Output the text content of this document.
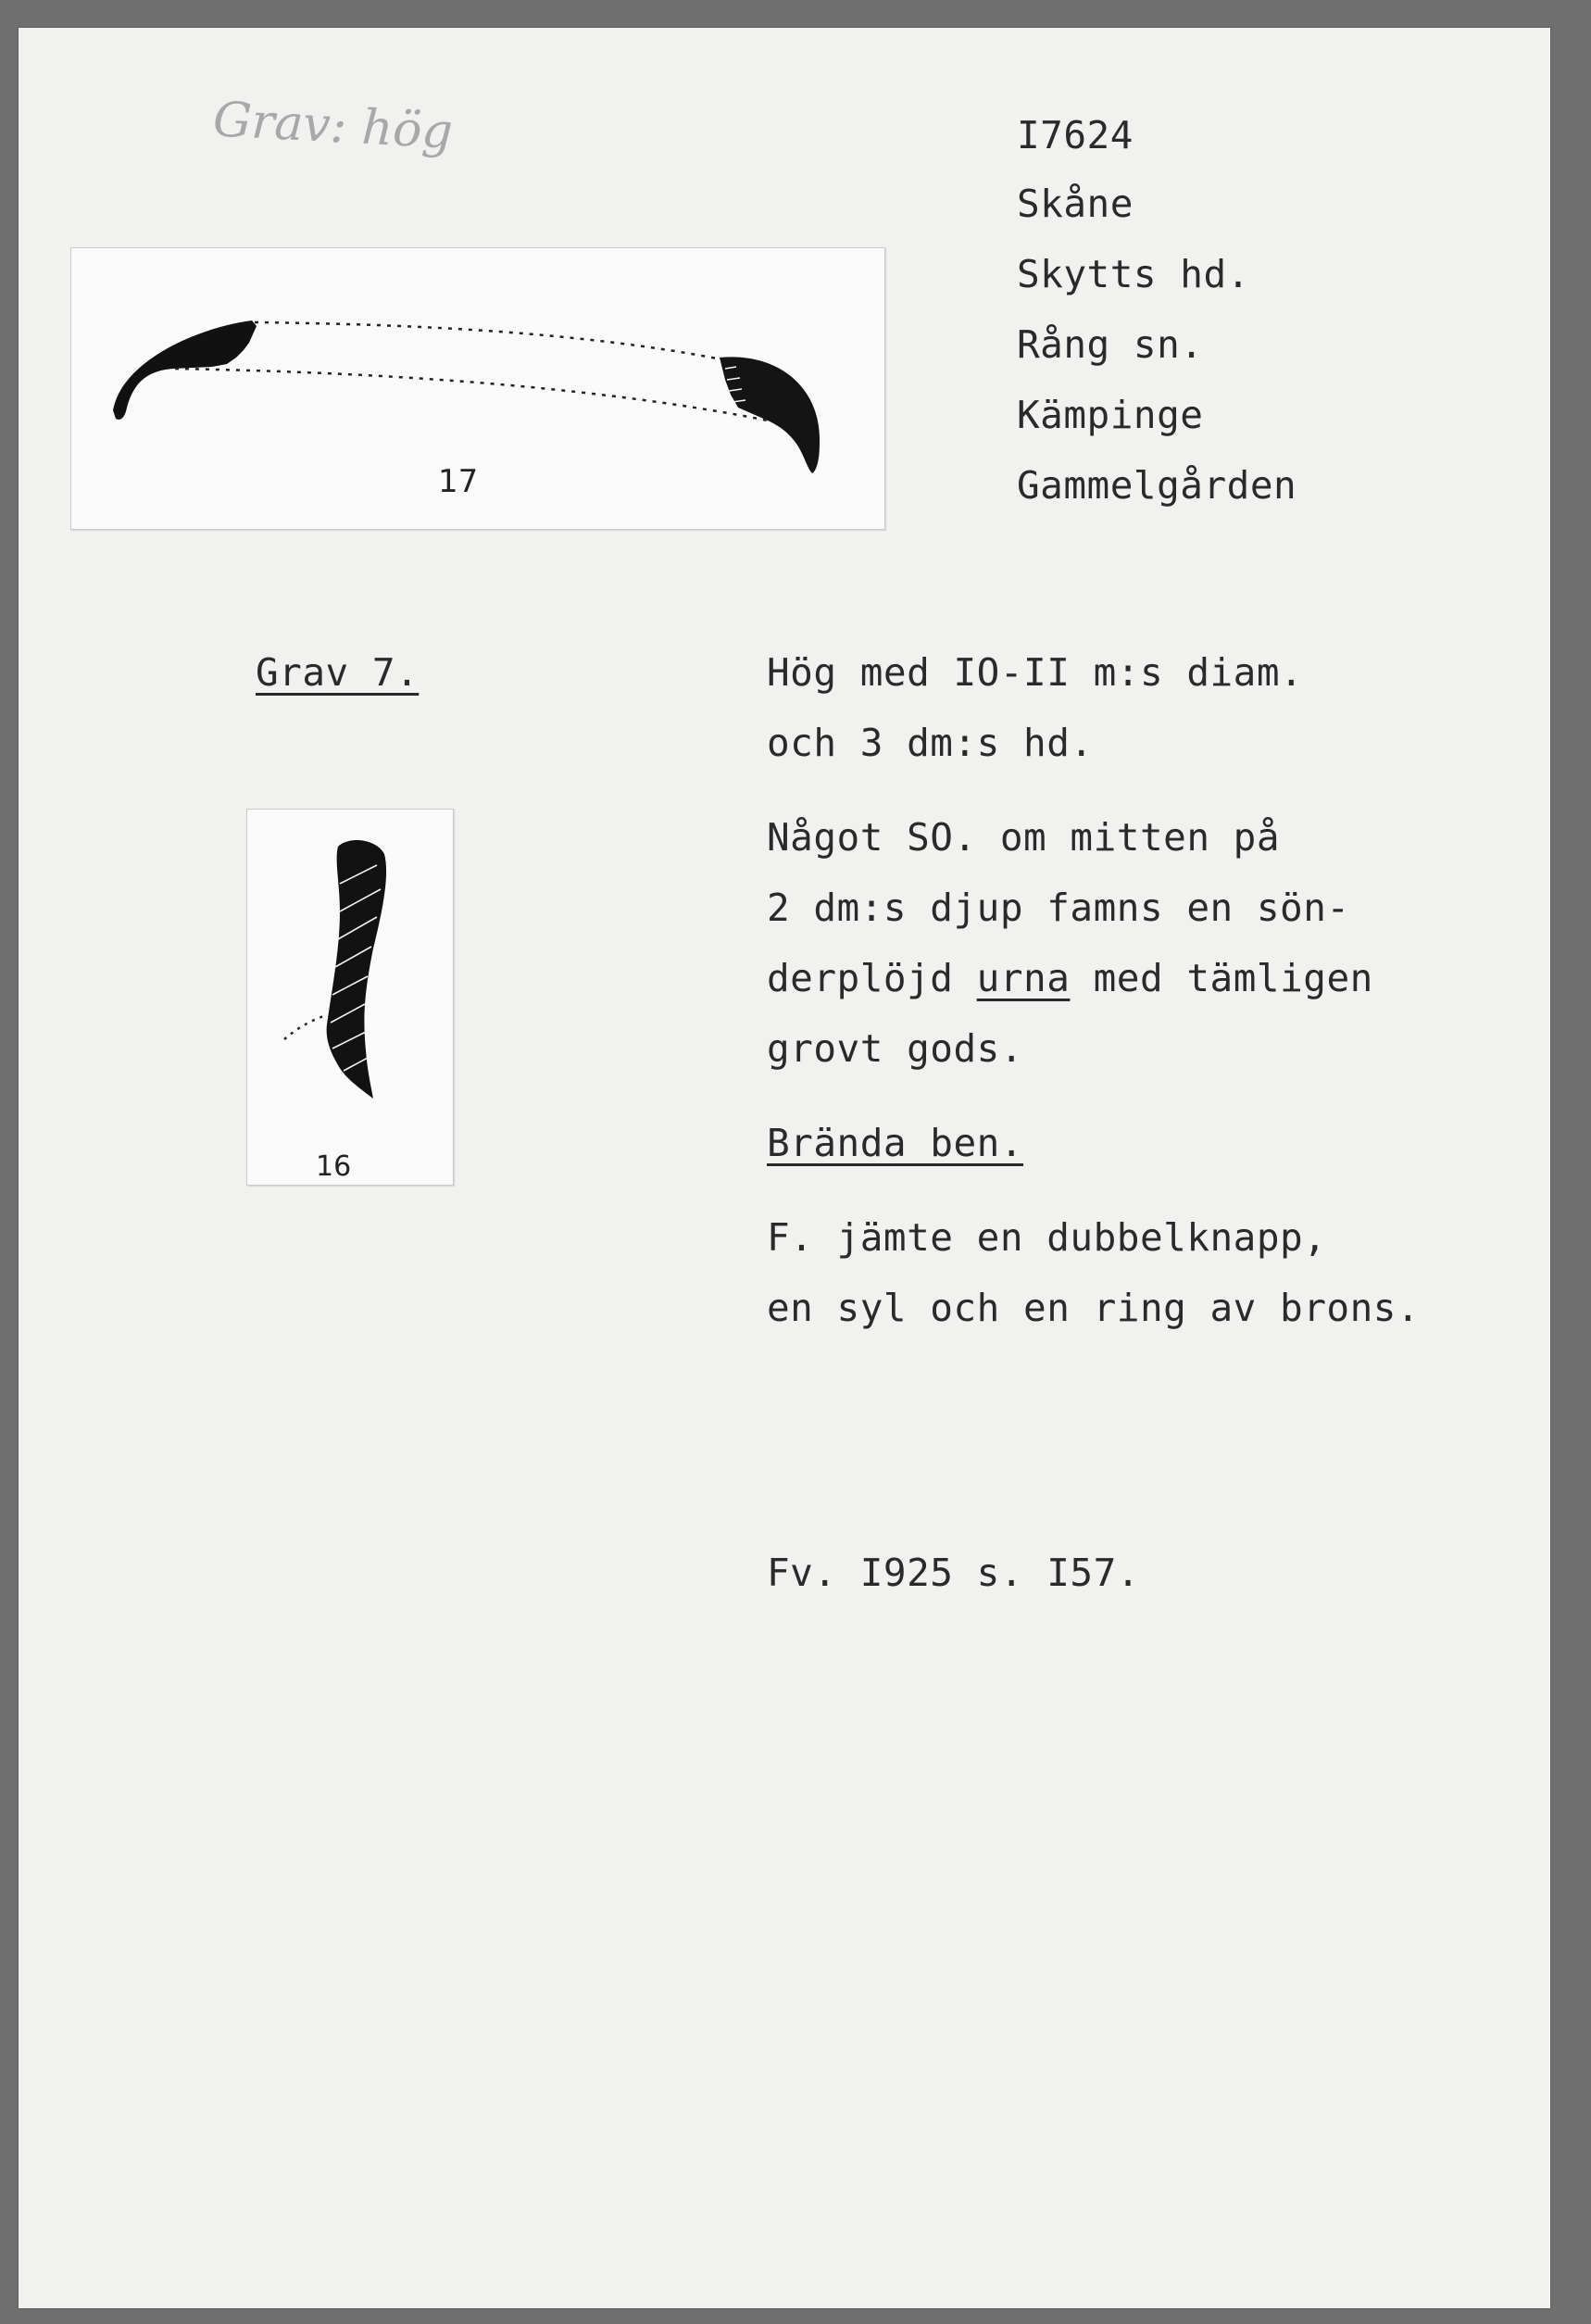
Grav: hög	I7624
Skåne
Skytts hd.
Rång sn.
Kämpinge
Gammelgården
17
Grav 7.
16
Hög med IO-II m:s diam.
och 3 dm:s hd.
Något SO. om mitten på
2 dm:s djup famns en sön-
derplöjd urna med tämligen
grovt gods.
Brända ben.
F. jämte en dubbelknapp,
en syl och en ring av brons.
Fv. I925 s. I57.
